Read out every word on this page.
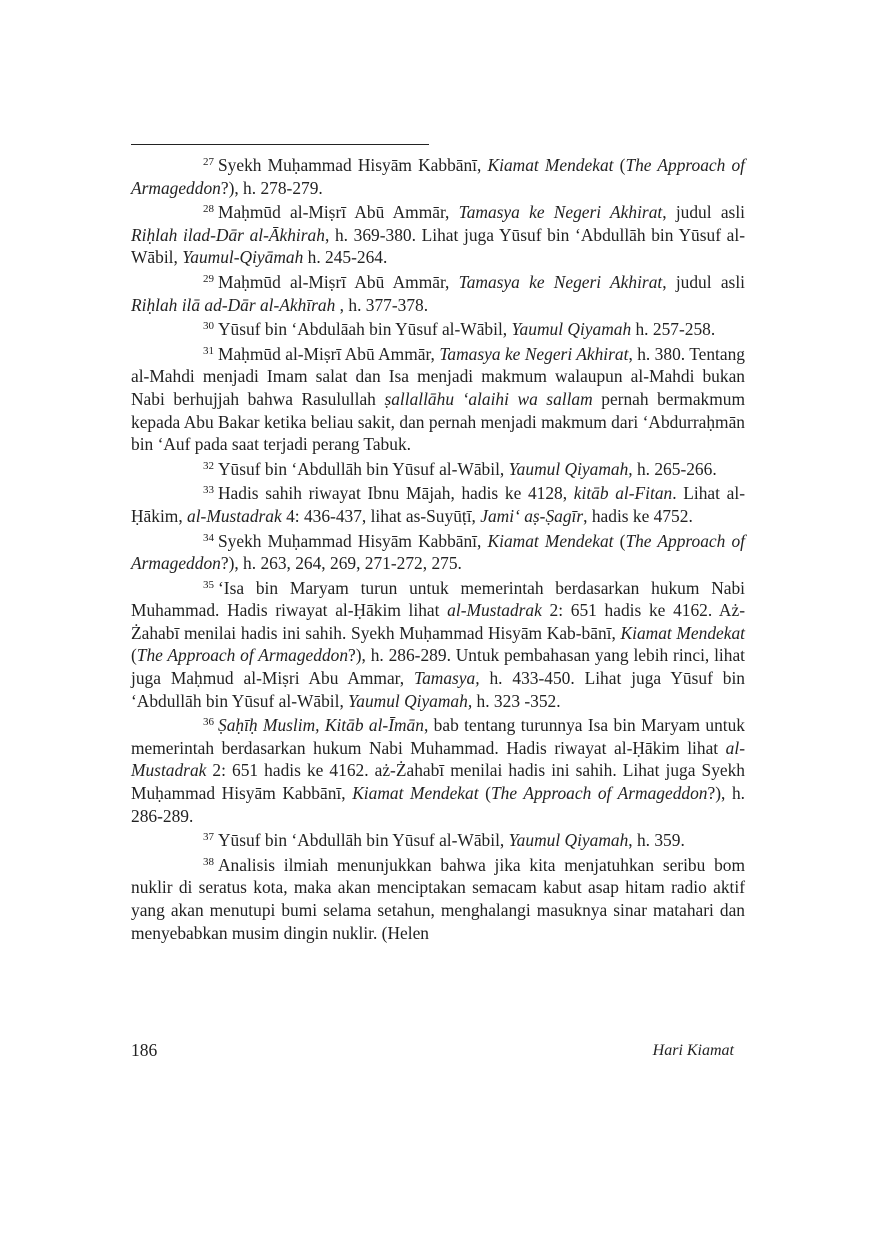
$^{27}$ Syekh Muḥammad Hisyām Kabbānī, Kiamat Mendekat (The Approach of Armageddon?), h. 278-279.

$^{28}$ Maḥmūd al-Miṣrī Abū Ammār, Tamasya ke Negeri Akhirat, judul asli Riḥlah ilad-Dār al-Ākhirah, h. 369-380. Lihat juga Yūsuf bin ‘Abdullāh bin Yūsuf al-Wābil, Yaumul-Qiyāmah h. 245-264.

$^{29}$ Maḥmūd al-Miṣrī Abū Ammār, Tamasya ke Negeri Akhirat, judul asli Riḥlah ilā ad-Dār al-Akhīrah , h. 377-378.

$^{30}$ Yūsuf bin ‘Abdulāah bin Yūsuf al-Wābil, Yaumul Qiyamah h. 257-258.

$^{31}$ Maḥmūd al-Miṣrī Abū Ammār, Tamasya ke Negeri Akhirat, h. 380. Tentang al-Mahdi menjadi Imam salat dan Isa menjadi makmum walaupun al-Mahdi bukan Nabi berhujjah bahwa Rasulullah ṣallallāhu ‘alaihi wa sallam pernah bermakmum kepada Abu Bakar ketika beliau sakit, dan pernah menjadi makmum dari ‘Abdurraḥmān bin ‘Auf pada saat terjadi perang Tabuk.

$^{32}$ Yūsuf bin ‘Abdullāh bin Yūsuf al-Wābil, Yaumul Qiyamah, h. 265-266.

$^{33}$ Hadis sahih riwayat Ibnu Mājah, hadis ke 4128, kitāb al-Fitan. Lihat al-Ḥākim, al-Mustadrak 4: 436-437, lihat as-Suyūṭī, Jami‘ aṣ-Ṣagīr, hadis ke 4752.

$^{34}$ Syekh Muḥammad Hisyām Kabbānī, Kiamat Mendekat (The Approach of Armageddon?), h. 263, 264, 269, 271-272, 275.

$^{35}$ ‘Isa bin Maryam turun untuk memerintah berdasarkan hukum Nabi Muhammad. Hadis riwayat al-Ḥākim lihat al-Mustadrak 2: 651 hadis ke 4162. Aż-Żahabī menilai hadis ini sahih. Syekh Muḥammad Hisyām Kab-bānī, Kiamat Mendekat (The Approach of Armageddon?), h. 286-289. Untuk pembahasan yang lebih rinci, lihat juga Maḥmud al-Miṣri Abu Ammar, Tamasya, h. 433-450. Lihat juga Yūsuf bin ‘Abdullāh bin Yūsuf al-Wābil, Yaumul Qiyamah, h. 323 -352.

$^{36}$ Ṣaḥīḥ Muslim, Kitāb al-Īmān, bab tentang turunnya Isa bin Maryam untuk memerintah berdasarkan hukum Nabi Muhammad. Hadis riwayat al-Ḥākim lihat al-Mustadrak 2: 651 hadis ke 4162. aż-Żahabī menilai hadis ini sahih. Lihat juga Syekh Muḥammad Hisyām Kabbānī, Kiamat Mendekat (The Approach of Armageddon?), h. 286-289.

$^{37}$ Yūsuf bin ‘Abdullāh bin Yūsuf al-Wābil, Yaumul Qiyamah, h. 359.

$^{38}$ Analisis ilmiah menunjukkan bahwa jika kita menjatuhkan seribu bom nuklir di seratus kota, maka akan menciptakan semacam kabut asap hitam radio aktif yang akan menutupi bumi selama setahun, menghalangi masuknya sinar matahari dan menyebabkan musim dingin nuklir. (Helen

186	Hari Kiamat
